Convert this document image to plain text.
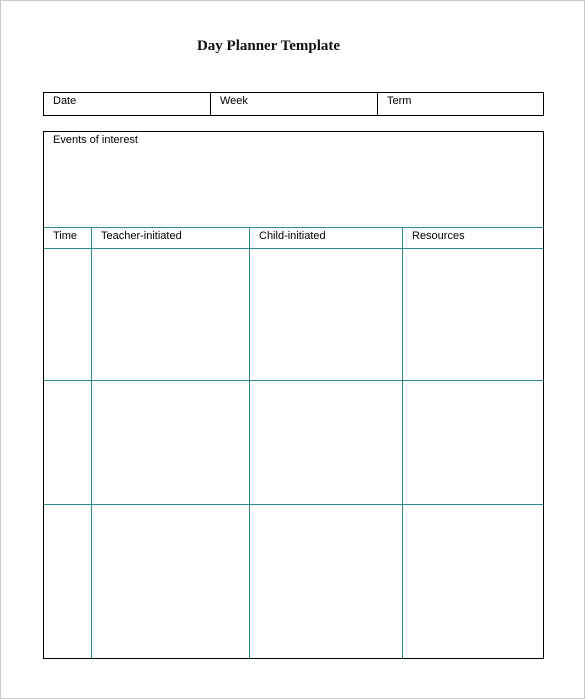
Day Planner Template
Date	Week	Term
Events of interest
Time	Teacher-initiated	Child-initiated	Resources
